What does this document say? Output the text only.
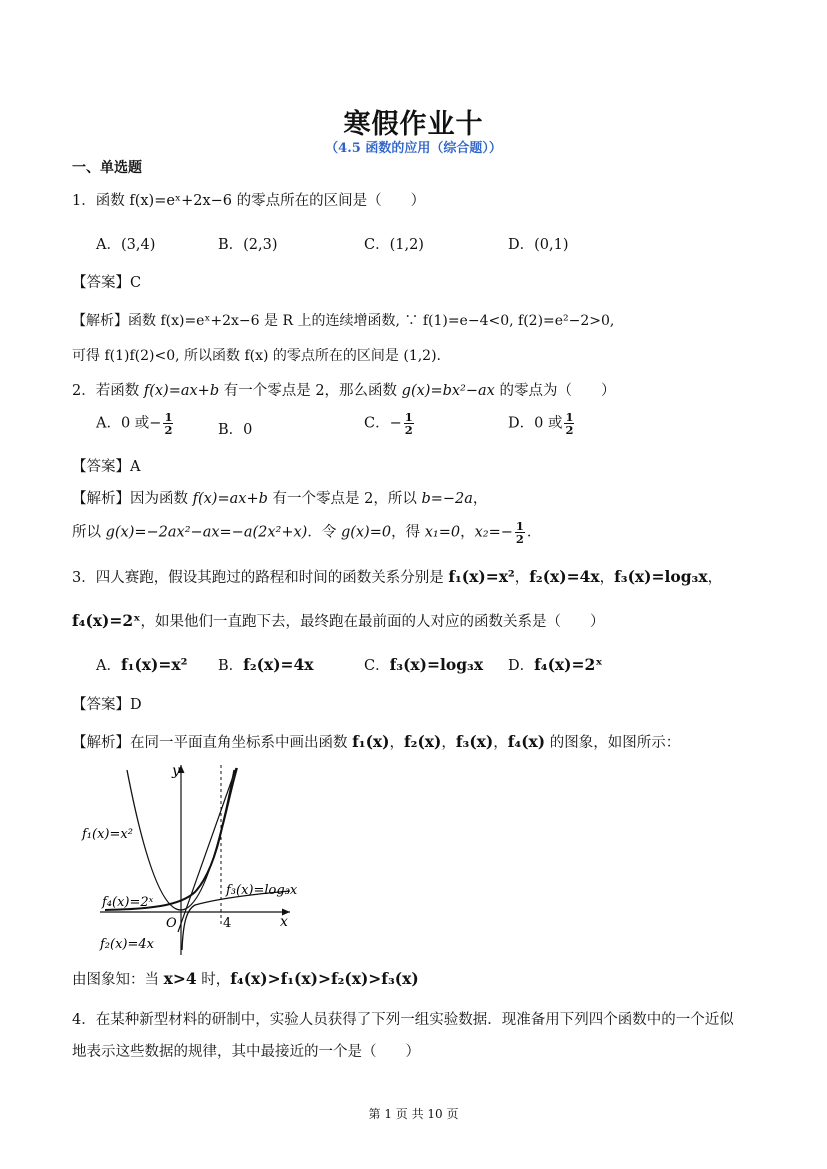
寒假作业十
（4.5 函数的应用（综合题））
一、单选题
1．函数 f(x)=eˣ+2x−6 的零点所在的区间是（　　）
A．(3,4)	B．(2,3)	C．(1,2)	D．(0,1)
【答案】C
【解析】函数 f(x)=eˣ+2x−6 是 R 上的连续增函数, ∵ f(1)=e−4<0, f(2)=e²−2>0,
可得 f(1)f(2)<0, 所以函数 f(x) 的零点所在的区间是 (1,2).
2．若函数 f(x)=ax+b 有一个零点是 2，那么函数 g(x)=bx²−ax 的零点为（　　）
A．0 或− $\frac{1}{2}$	B．0	C．− $\frac{1}{2}$	D．0 或 $\frac{1}{2}$
【答案】A
【解析】因为函数 f(x)=ax+b 有一个零点是 2，所以 b=−2a，
所以 g(x)=−2ax²−ax=−a(2x²+x)．令 g(x)=0，得 x₁=0，$x_2=- \frac{1}{2}$ ．
3．四人赛跑，假设其跑过的路程和时间的函数关系分别是 f₁(x)=x²，f₂(x)=4x，f₃(x)=log₃x，
f₄(x)=2ˣ，如果他们一直跑下去，最终跑在最前面的人对应的函数关系是（　　）
A．f₁(x)=x² B．f₂(x)=4x	C．f₃(x)=log₃x D．f₄(x)=2ˣ
【答案】D
【解析】在同一平面直角坐标系中画出函数 f₁(x)，f₂(x)，f₃(x)，f₄(x) 的图象，如图所示：
y
x
O	4
f₁(x)=x²
f₄(x)=2ˣ
f₃(x)=log₃x
f₂(x)=4x
由图象知：当 x>4 时，f₄(x)>f₁(x)>f₂(x)>f₃(x)
4．在某种新型材料的研制中，实验人员获得了下列一组实验数据．现准备用下列四个函数中的一个近似
地表示这些数据的规律，其中最接近的一个是（　　）
第 1 页 共 10 页
